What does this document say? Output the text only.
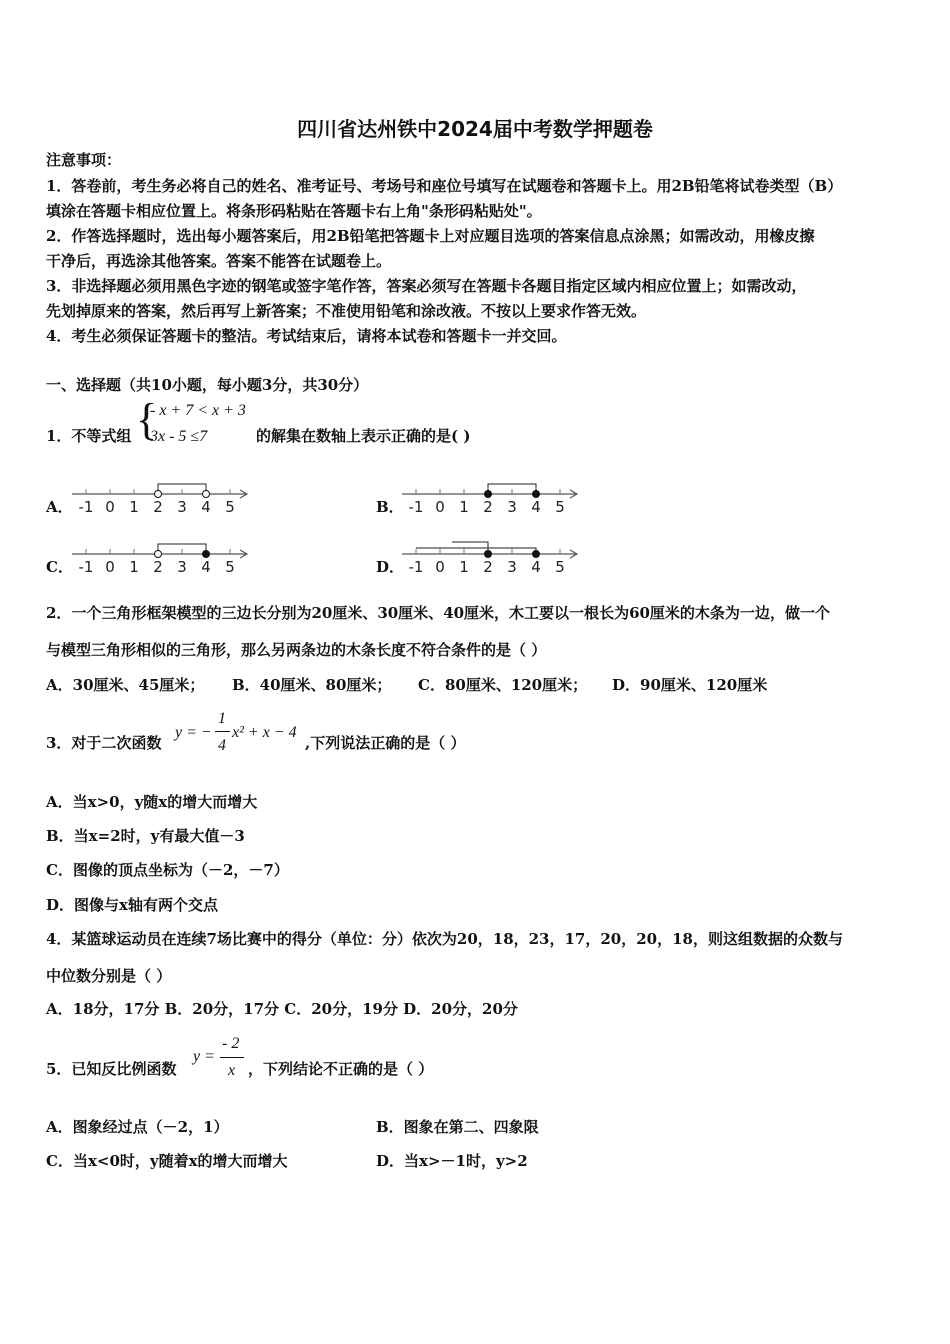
四川省达州铁中2024届中考数学押题卷
注意事项：
1．答卷前，考生务必将自己的姓名、准考证号、考场号和座位号填写在试题卷和答题卡上。用2B铅笔将试卷类型（B）
填涂在答题卡相应位置上。将条形码粘贴在答题卡右上角"条形码粘贴处"。
2．作答选择题时，选出每小题答案后，用2B铅笔把答题卡上对应题目选项的答案信息点涂黑；如需改动，用橡皮擦
干净后，再选涂其他答案。答案不能答在试题卷上。
3．非选择题必须用黑色字迹的钢笔或签字笔作答，答案必须写在答题卡各题目指定区域内相应位置上；如需改动，
先划掉原来的答案，然后再写上新答案；不准使用铅笔和涂改液。不按以上要求作答无效。
4．考生必须保证答题卡的整洁。考试结束后，请将本试卷和答题卡一并交回。
一、选择题（共10小题，每小题3分，共30分）
1．不等式组 {
- x + 7 < x + 3
3x - 5 ≤7	的解集在数轴上表示正确的是( )
A． -1 0 1 2 3 4 5	B． -1 0 1 2 3 4 5
C． -1 0 1 2 3 4 5	D． -1 0 1 2 3 4 5
2．一个三角形框架模型的三边长分别为20厘米、30厘米、40厘米，木工要以一根长为60厘米的木条为一边，做一个
与模型三角形相似的三角形，那么另两条边的木条长度不符合条件的是（ ）
A．30厘米、45厘米； B．40厘米、80厘米； C．80厘米、120厘米； D．90厘米、120厘米
3．对于二次函数
y = −
1
4
x² + x − 4
,下列说法正确的是（ ）
A．当x>0，y随x的增大而增大
B．当x=2时，y有最大值－3
C．图像的顶点坐标为（－2，－7）
D．图像与x轴有两个交点
4．某篮球运动员在连续7场比赛中的得分（单位：分）依次为20，18，23，17，20，20，18，则这组数据的众数与
中位数分别是（ ）
A．18分，17分 B．20分，17分 C．20分，19分 D．20分，20分
5．已知反比例函数
y =
- 2
x ，下列结论不正确的是（ ）
A．图象经过点（－2，1）	B．图象在第二、四象限
C．当x<0时，y随着x的增大而增大	D．当x>－1时，y>2
